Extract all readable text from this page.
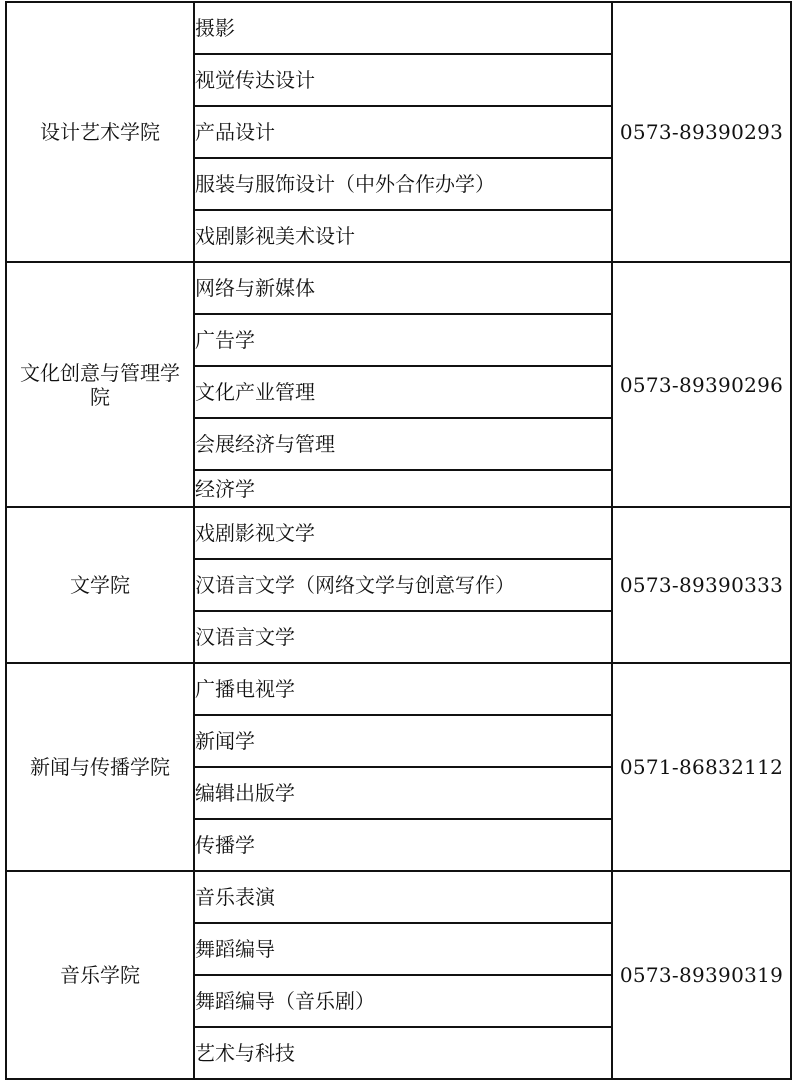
设计艺术学院	摄影	0573-89390293
	视觉传达设计	
	产品设计	
	服装与服饰设计（中外合作办学）	
	戏剧影视美术设计	

文化创意与管理学院	网络与新媒体	0573-89390296
	广告学	
	文化产业管理	
	会展经济与管理	
	经济学	

文学院	戏剧影视文学	0573-89390333
	汉语言文学（网络文学与创意写作）	
	汉语言文学	

新闻与传播学院	广播电视学	0571-86832112
	新闻学	
	编辑出版学	
	传播学	

音乐学院	音乐表演	0573-89390319
	舞蹈编导	
	舞蹈编导（音乐剧）	
	艺术与科技	
